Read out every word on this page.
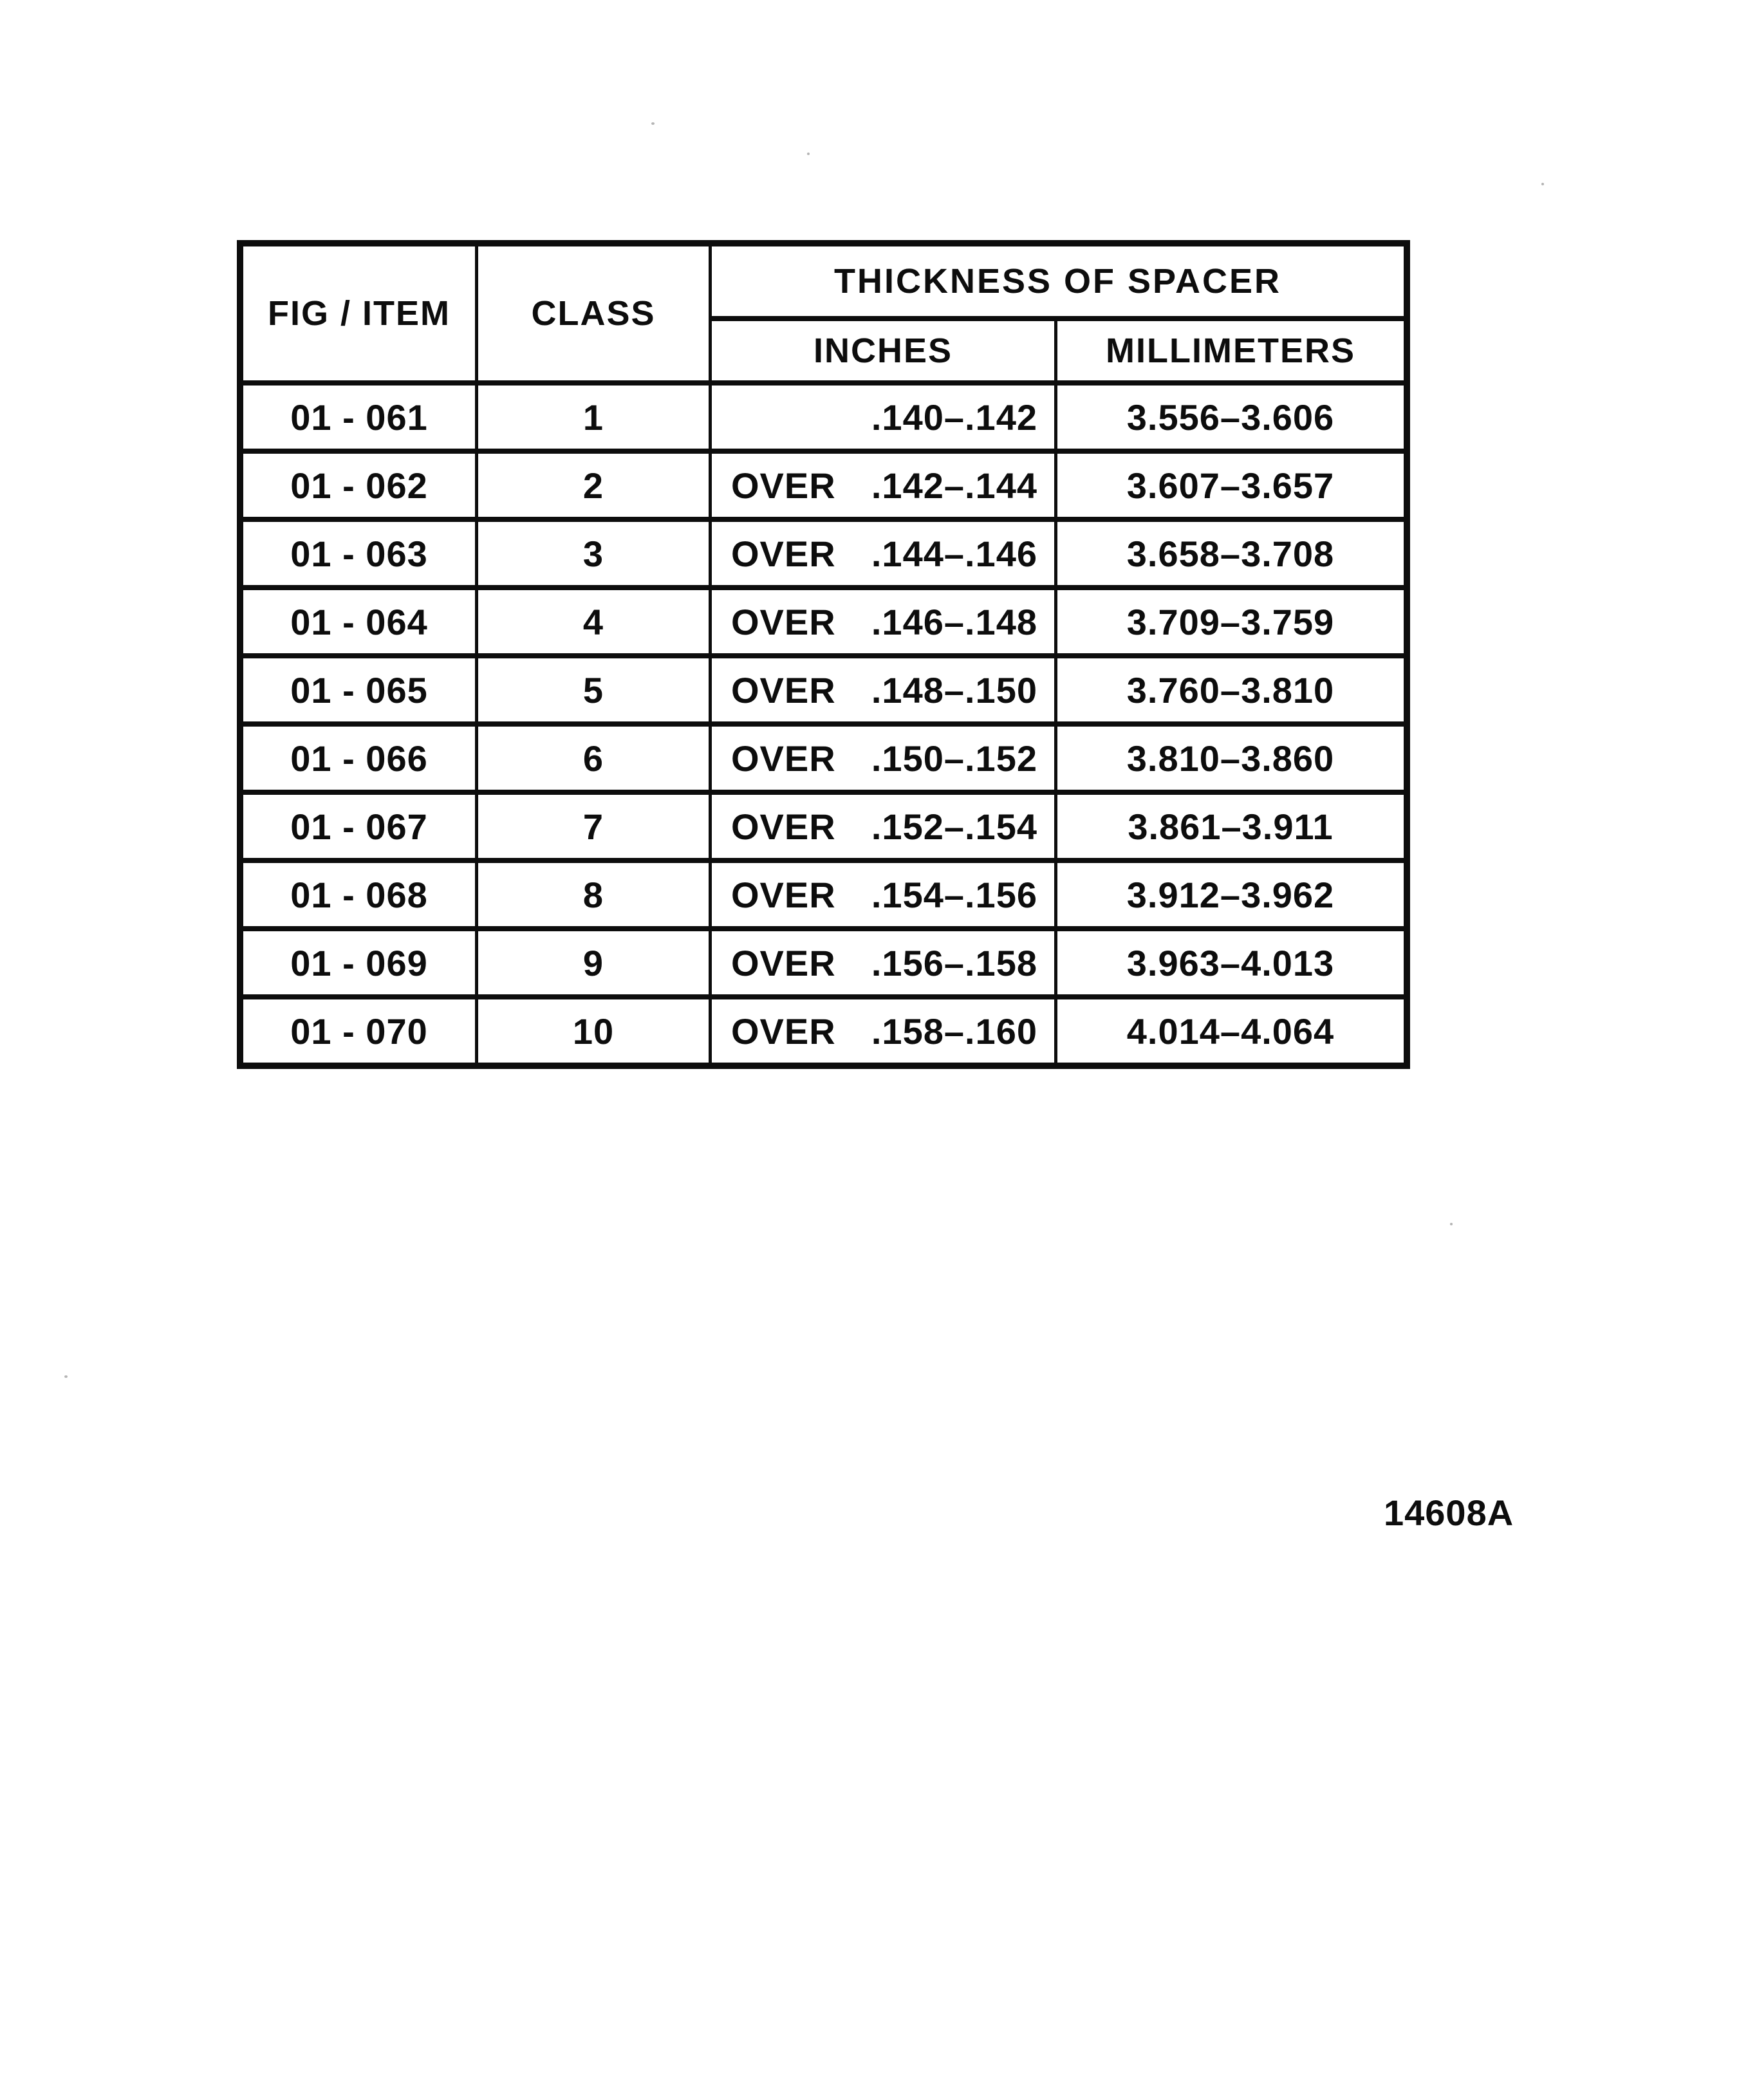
FIG / ITEM	CLASS
THICKNESS OF SPACER
INCHES	MILLIMETERS
01 - 061	1	.140–.142	3.556–3.606
01 - 062	2	OVER .142–.144	3.607–3.657
01 - 063	3	OVER .144–.146	3.658–3.708
01 - 064	4	OVER .146–.148	3.709–3.759
01 - 065	5	OVER .148–.150	3.760–3.810
01 - 066	6	OVER .150–.152	3.810–3.860
01 - 067	7	OVER .152–.154	3.861–3.911
01 - 068	8	OVER .154–.156	3.912–3.962
01 - 069	9	OVER .156–.158	3.963–4.013
01 - 070	10	OVER .158–.160	4.014–4.064
14608A
